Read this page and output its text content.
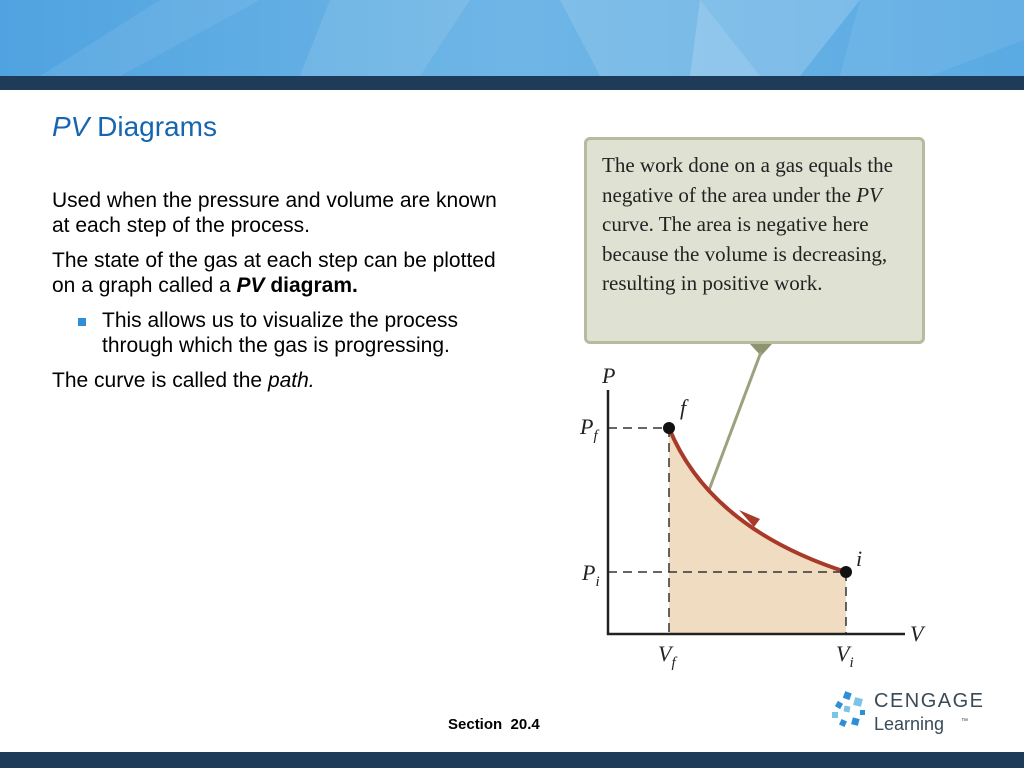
PV Diagrams

Used when the pressure and volume are known at each step of the process.

The state of the gas at each step can be plotted on a graph called a PV diagram.

This allows us to visualize the process through which the gas is progressing.

The curve is called the path.

The work done on a gas equals the negative of the area under the PV curve. The area is negative here because the volume is decreasing, resulting in positive work.
P
V
f
i
$P_f$
$P_i$
$V_f$	$V_i$
Section  20.4
CENGAGE
Learning ™
